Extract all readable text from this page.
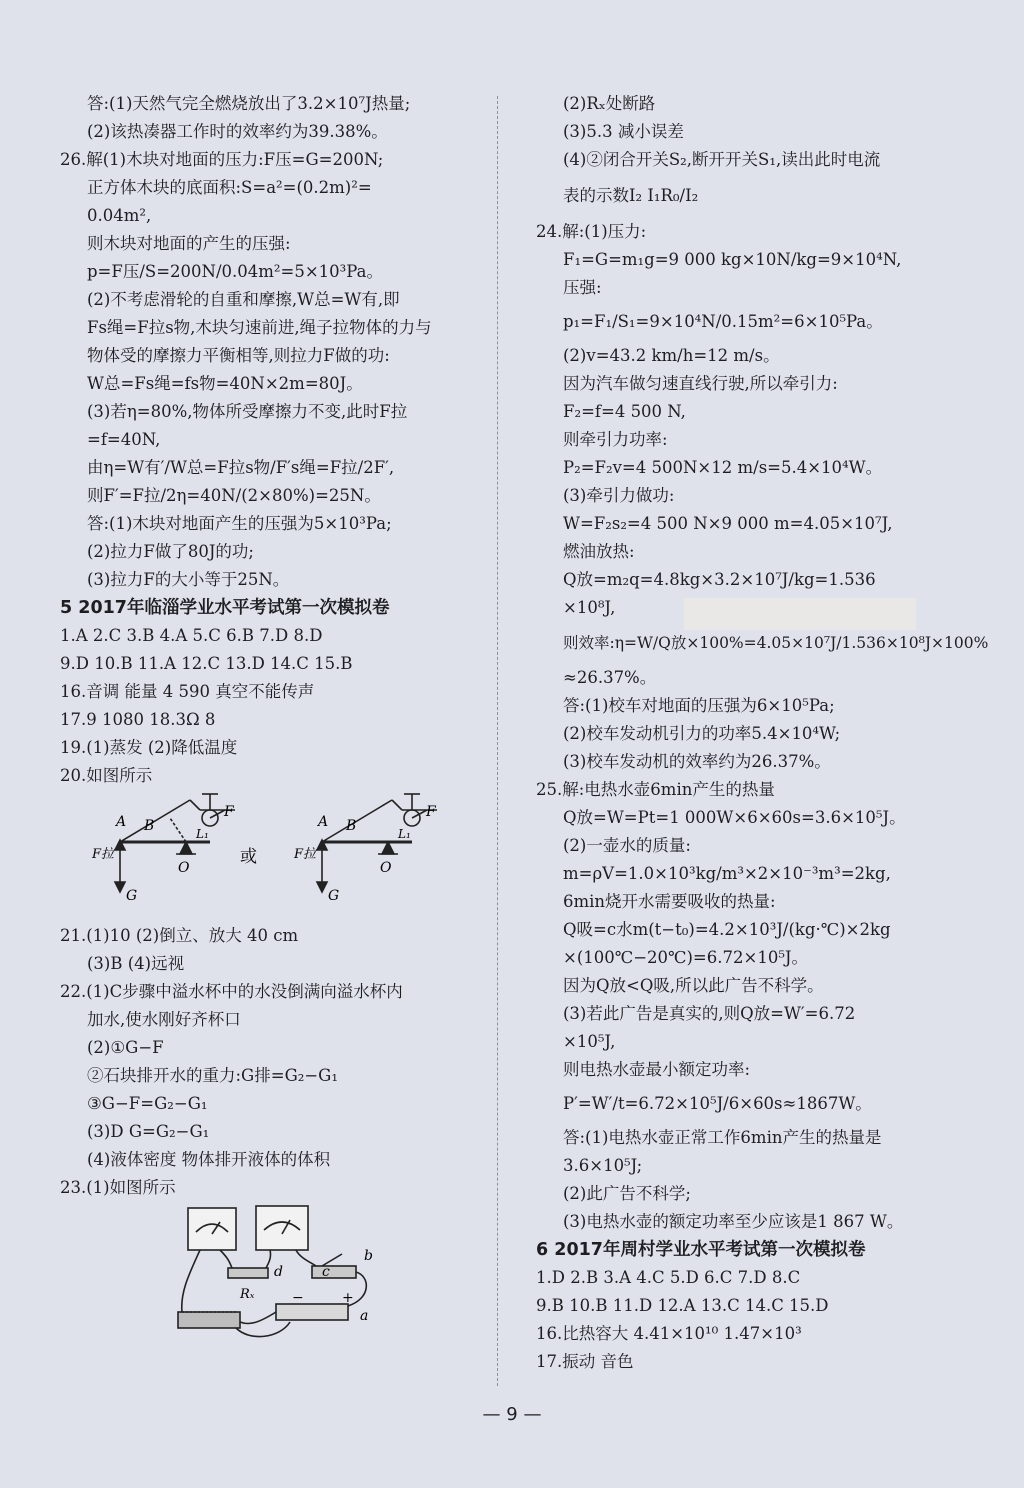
答:(1)天然气完全燃烧放出了3.2×10⁷J热量;
(2)该热凑器工作时的效率约为39.38%。
26.解(1)木块对地面的压力:F压=G=200N;
正方体木块的底面积:S=a²=(0.2m)²=
0.04m²,
则木块对地面的产生的压强:
p=F压/S=200N/0.04m²=5×10³Pa。
(2)不考虑滑轮的自重和摩擦,W总=W有,即
Fs绳=F拉s物,木块匀速前进,绳子拉物体的力与
物体受的摩擦力平衡相等,则拉力F做的功:
W总=Fs绳=fs物=40N×2m=80J。
(3)若η=80%,物体所受摩擦力不变,此时F拉
=f=40N,
由η=W有′/W总=F拉s物/F′s绳=F拉/2F′,
则F′=F拉/2η=40N/(2×80%)=25N。
答:(1)木块对地面产生的压强为5×10³Pa;
(2)拉力F做了80J的功;
(3)拉力F的大小等于25N。
5 2017年临淄学业水平考试第一次模拟卷
1.A 2.C 3.B 4.A 5.C 6.B 7.D 8.D
9.D 10.B 11.A 12.C 13.D 14.C 15.B
16.音调 能量 4 590 真空不能传声
17.9 1080 18.3Ω 8
19.(1)蒸发 (2)降低温度
20.如图所示
A B
O
L₁
F
F拉
G
或
A B
O
L₁
F
F拉
G
21.(1)10 (2)倒立、放大 40 cm
(3)B (4)远视
22.(1)C步骤中溢水杯中的水没倒满向溢水杯内
加水,使水刚好齐杯口
(2)①G−F
②石块排开水的重力:G排=G₂−G₁
③G−F=G₂−G₁
(3)D G=G₂−G₁
(4)液体密度 物体排开液体的体积
23.(1)如图所示
b
c
d
Rₓ
a
+
−
(2)Rₓ处断路
(3)5.3 减小误差
(4)②闭合开关S₂,断开开关S₁,读出此时电流
表的示数I₂ I₁R₀/I₂
24.解:(1)压力:
F₁=G=m₁g=9 000 kg×10N/kg=9×10⁴N,
压强:
p₁=F₁/S₁=9×10⁴N/0.15m²=6×10⁵Pa。
(2)v=43.2 km/h=12 m/s。
因为汽车做匀速直线行驶,所以牵引力:
F₂=f=4 500 N,
则牵引力功率:
P₂=F₂v=4 500N×12 m/s=5.4×10⁴W。
(3)牵引力做功:
W=F₂s₂=4 500 N×9 000 m=4.05×10⁷J,
燃油放热:
Q放=m₂q=4.8kg×3.2×10⁷J/kg=1.536
×10⁸J,
则效率:η=W/Q放×100%=4.05×10⁷J/1.536×10⁸J×100%
≈26.37%。
答:(1)校车对地面的压强为6×10⁵Pa;
(2)校车发动机引力的功率5.4×10⁴W;
(3)校车发动机的效率约为26.37%。
25.解:电热水壶6min产生的热量
Q放=W=Pt=1 000W×6×60s=3.6×10⁵J。
(2)一壶水的质量:
m=ρV=1.0×10³kg/m³×2×10⁻³m³=2kg,
6min烧开水需要吸收的热量:
Q吸=c水m(t−t₀)=4.2×10³J/(kg·℃)×2kg
×(100℃−20℃)=6.72×10⁵J。
因为Q放<Q吸,所以此广告不科学。
(3)若此广告是真实的,则Q放=W′=6.72
×10⁵J,
则电热水壶最小额定功率:
P′=W′/t=6.72×10⁵J/6×60s≈1867W。
答:(1)电热水壶正常工作6min产生的热量是
3.6×10⁵J;
(2)此广告不科学;
(3)电热水壶的额定功率至少应该是1 867 W。
6 2017年周村学业水平考试第一次模拟卷
1.D 2.B 3.A 4.C 5.D 6.C 7.D 8.C
9.B 10.B 11.D 12.A 13.C 14.C 15.D
16.比热容大 4.41×10¹⁰ 1.47×10³
17.振动 音色
— 9 —
